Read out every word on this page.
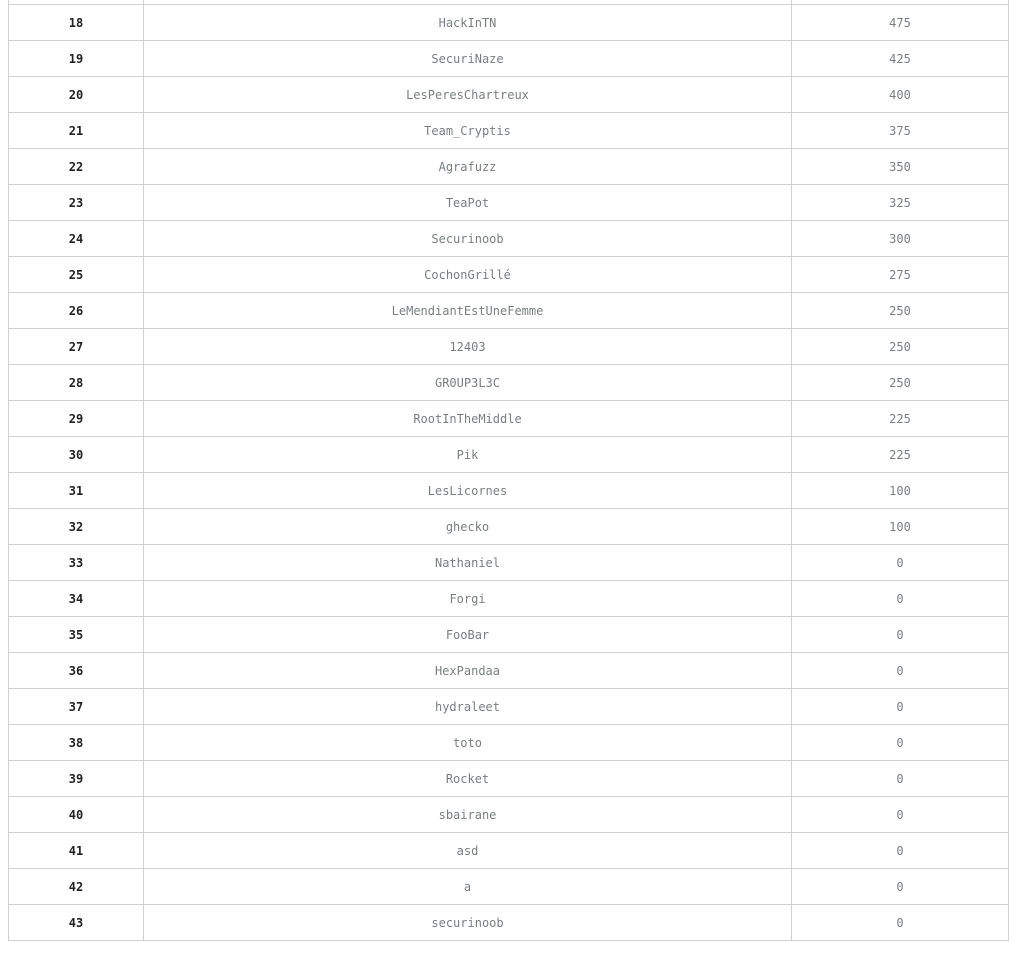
18	HackInTN	475
19	SecuriNaze	425
20	LesPeresChartreux	400
21	Team_Cryptis	375
22	Agrafuzz	350
23	TeaPot	325
24	Securinoob	300
25	CochonGrillé	275
26	LeMendiantEstUneFemme	250
27	12403	250
28	GR0UP3L3C	250
29	RootInTheMiddle	225
30	Pik	225
31	LesLicornes	100
32	ghecko	100
33	Nathaniel	0
34	Forgi	0
35	FooBar	0
36	HexPandaa	0
37	hydraleet	0
38	toto	0
39	Rocket	0
40	sbairane	0
41	asd	0
42	a	0
43	securinoob	0
